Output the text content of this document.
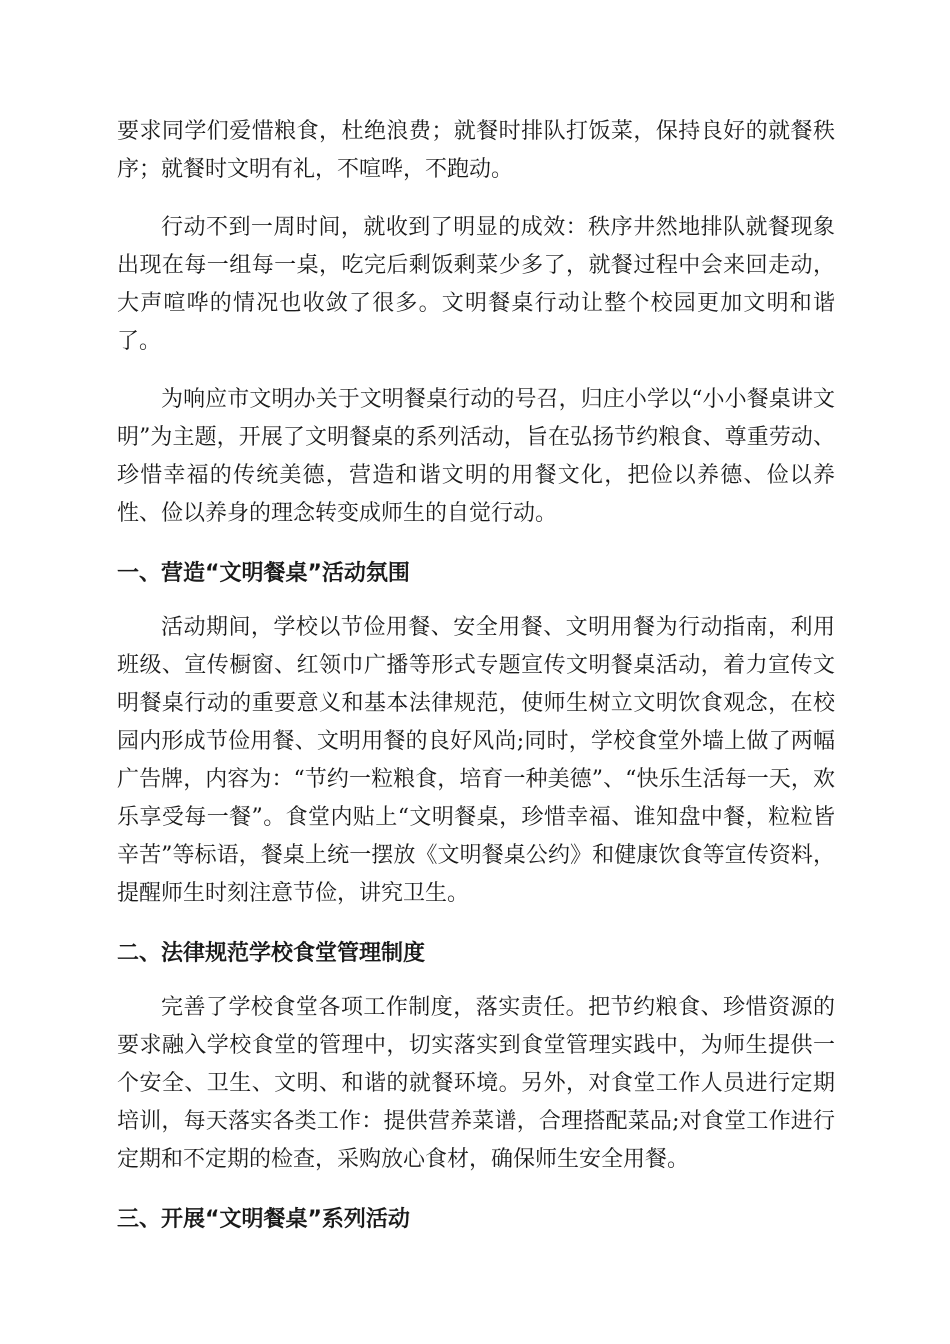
要求同学们爱惜粮食，杜绝浪费；就餐时排队打饭菜，保持良好的就餐秩序；就餐时文明有礼，不喧哗，不跑动。

行动不到一周时间，就收到了明显的成效：秩序井然地排队就餐现象出现在每一组每一桌，吃完后剩饭剩菜少多了，就餐过程中会来回走动，大声喧哗的情况也收敛了很多。文明餐桌行动让整个校园更加文明和谐了。

为响应市文明办关于文明餐桌行动的号召，归庄小学以“小小餐桌讲文明”为主题，开展了文明餐桌的系列活动，旨在弘扬节约粮食、尊重劳动、珍惜幸福的传统美德，营造和谐文明的用餐文化，把俭以养德、俭以养性、俭以养身的理念转变成师生的自觉行动。

一、营造“文明餐桌”活动氛围

活动期间，学校以节俭用餐、安全用餐、文明用餐为行动指南，利用班级、宣传橱窗、红领巾广播等形式专题宣传文明餐桌活动，着力宣传文明餐桌行动的重要意义和基本法律规范，使师生树立文明饮食观念，在校园内形成节俭用餐、文明用餐的良好风尚;同时，学校食堂外墙上做了两幅广告牌，内容为：“节约一粒粮食，培育一种美德”、“快乐生活每一天，欢乐享受每一餐”。食堂内贴上“文明餐桌，珍惜幸福、谁知盘中餐，粒粒皆辛苦”等标语，餐桌上统一摆放《文明餐桌公约》和健康饮食等宣传资料，提醒师生时刻注意节俭，讲究卫生。

二、法律规范学校食堂管理制度

完善了学校食堂各项工作制度，落实责任。把节约粮食、珍惜资源的要求融入学校食堂的管理中，切实落实到食堂管理实践中，为师生提供一个安全、卫生、文明、和谐的就餐环境。另外，对食堂工作人员进行定期培训，每天落实各类工作：提供营养菜谱，合理搭配菜品;对食堂工作进行定期和不定期的检查，采购放心食材，确保师生安全用餐。

三、开展“文明餐桌”系列活动
